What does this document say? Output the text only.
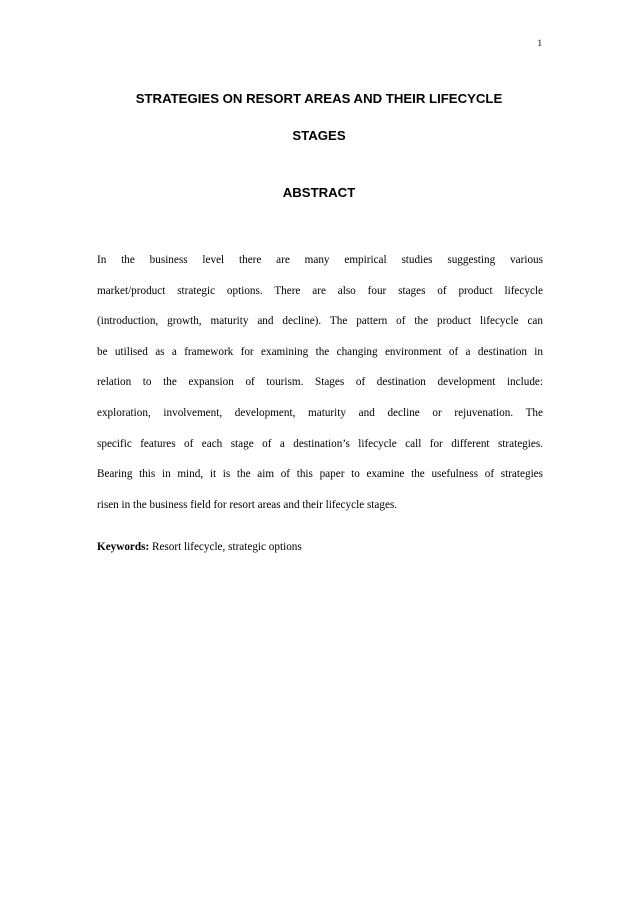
1
STRATEGIES ON RESORT AREAS AND THEIR LIFECYCLE
STAGES
ABSTRACT

In the business level there are many empirical studies suggesting various
market/product strategic options. There are also four stages of product lifecycle
(introduction, growth, maturity and decline). The pattern of the product lifecycle can
be utilised as a framework for examining the changing environment of a destination in
relation to the expansion of tourism. Stages of destination development include:
exploration, involvement, development, maturity and decline or rejuvenation. The
specific features of each stage of a destination’s lifecycle call for different strategies.
Bearing this in mind, it is the aim of this paper to examine the usefulness of strategies
risen in the business field for resort areas and their lifecycle stages.

Keywords: Resort lifecycle, strategic options
